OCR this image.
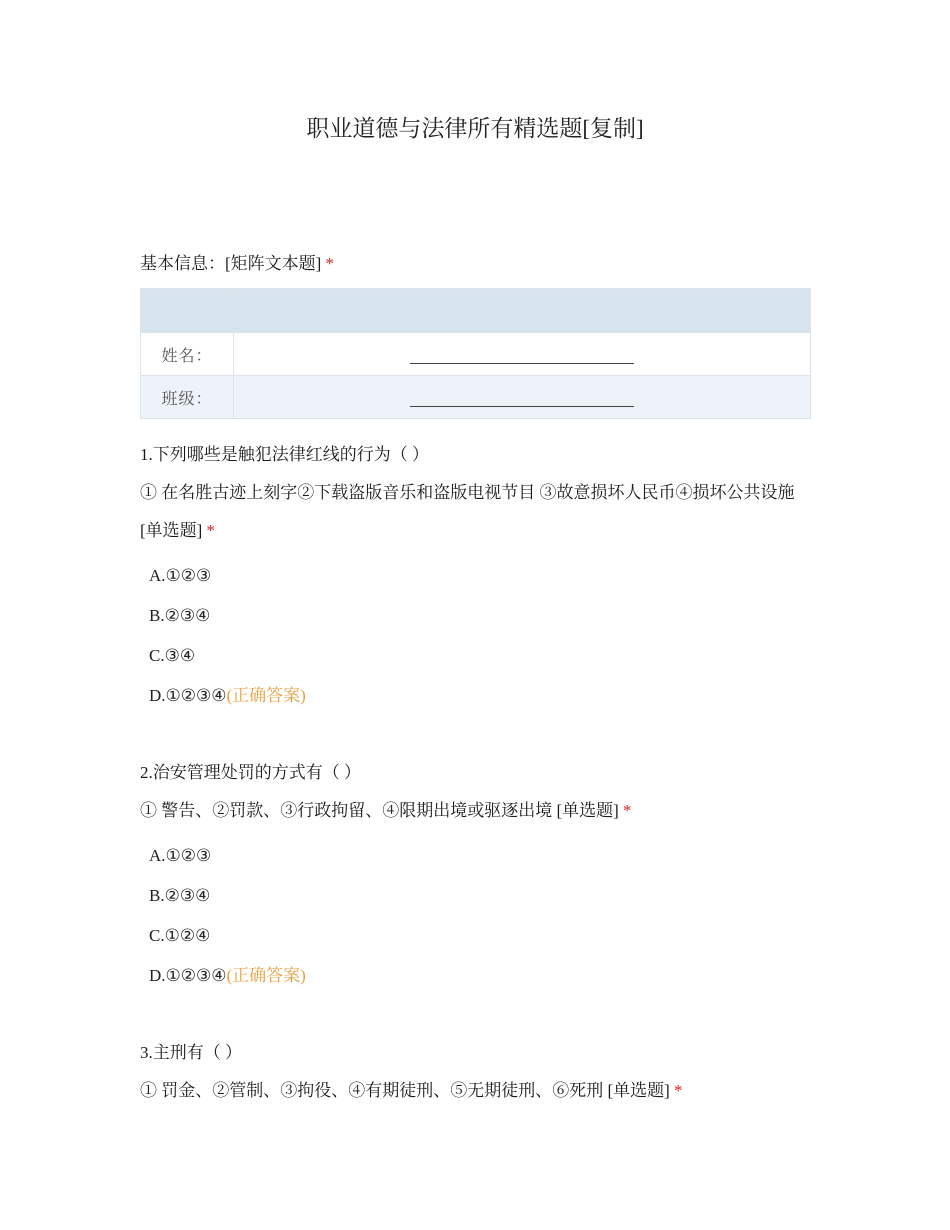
职业道德与法律所有精选题[复制]
基本信息：[矩阵文本题] *

姓名：	
班级：	
1.下列哪些是触犯法律红线的行为（ ）
① 在名胜古迹上刻字②下载盗版音乐和盗版电视节目 ③故意损坏人民币④损坏公共设施 [单选题] *
A.①②③
B.②③④
C.③④
D.①②③④(正确答案)
2.治安管理处罚的方式有（ ）
① 警告、②罚款、③行政拘留、④限期出境或驱逐出境 [单选题] *
A.①②③
B.②③④
C.①②④
D.①②③④(正确答案)
3.主刑有（ ）
① 罚金、②管制、③拘役、④有期徒刑、⑤无期徒刑、⑥死刑 [单选题] *
